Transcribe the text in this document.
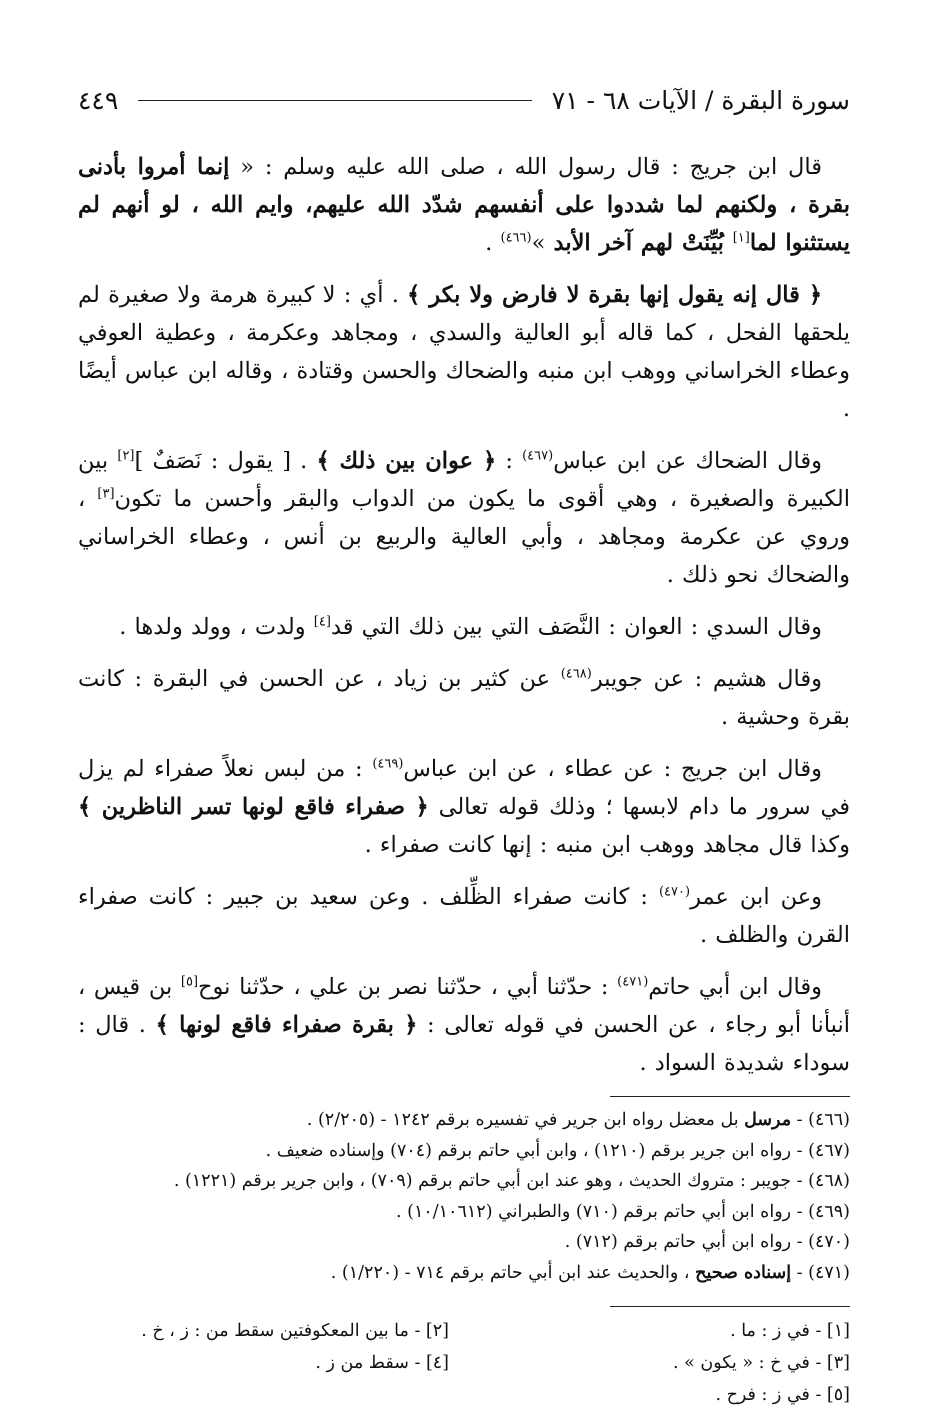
سورة البقرة / الآيات ٦٨ - ٧١
٤٤٩

قال ابن جريج : قال رسول الله ، صلى الله عليه وسلم : « إنما أمروا بأدنى بقرة ، ولكنهم لما شددوا على أنفسهم شدّد الله عليهم، وايم الله ، لو أنهم لم يستثنوا لما[١] بُيِّنَتْ لهم آخر الأبد »$^{(٤٦٦)}$ .

﴿ قال إنه يقول إنها بقرة لا فارض ولا بكر ﴾ . أي : لا كبيرة هرمة ولا صغيرة لم يلحقها الفحل ، كما قاله أبو العالية والسدي ، ومجاهد وعكرمة ، وعطية العوفي وعطاء الخراساني ووهب ابن منبه والضحاك والحسن وقتادة ، وقاله ابن عباس أيضًا .

وقال الضحاك عن ابن عباس$^{(٤٦٧)}$ : ﴿ عوان بين ذلك ﴾ . [ يقول : نَصَفٌ ][٢] بين الكبيرة والصغيرة ، وهي أقوى ما يكون من الدواب والبقر وأحسن ما تكون[٣] ، وروي عن عكرمة ومجاهد ، وأبي العالية والربيع بن أنس ، وعطاء الخراساني والضحاك نحو ذلك .

وقال السدي : العوان : النَّصَف التي بين ذلك التي قد[٤] ولدت ، وولد ولدها .

وقال هشيم : عن جويبر$^{(٤٦٨)}$ عن كثير بن زياد ، عن الحسن في البقرة : كانت بقرة وحشية .

وقال ابن جريج : عن عطاء ، عن ابن عباس$^{(٤٦٩)}$ : من لبس نعلاً صفراء لم يزل في سرور ما دام لابسها ؛ وذلك قوله تعالى ﴿ صفراء فاقع لونها تسر الناظرين ﴾ وكذا قال مجاهد ووهب ابن منبه : إنها كانت صفراء .

وعن ابن عمر$^{(٤٧٠)}$ : كانت صفراء الظِّلف . وعن سعيد بن جبير : كانت صفراء القرن والظلف .

وقال ابن أبي حاتم$^{(٤٧١)}$ : حدّثنا أبي ، حدّثنا نصر بن علي ، حدّثنا نوح[٥] بن قيس ، أنبأنا أبو رجاء ، عن الحسن في قوله تعالى : ﴿ بقرة صفراء فاقع لونها ﴾ . قال : سوداء شديدة السواد .

(٤٦٦) - مرسل بل معضل رواه ابن جرير في تفسيره برقم ١٢٤٢ - (٢/٢٠٥) .
(٤٦٧) - رواه ابن جرير برقم (١٢١٠) ، وابن أبي حاتم برقم (٧٠٤) وإسناده ضعيف .
(٤٦٨) - جويبر : متروك الحديث ، وهو عند ابن أبي حاتم برقم (٧٠٩) ، وابن جرير برقم (١٢٢١) .
(٤٦٩) - رواه ابن أبي حاتم برقم (٧١٠) والطبراني (١٠/١٠٦١٢) .
(٤٧٠) - رواه ابن أبي حاتم برقم (٧١٢) .
(٤٧١) - إسناده صحيح ، والحديث عند ابن أبي حاتم برقم ٧١٤ - (١/٢٢٠) .
[١] - في ز : ما .
[٢] - ما بين المعكوفتين سقط من : ز ، خ .
[٣] - في خ : « يكون » .
[٤] - سقط من ز .
[٥] - في ز : فرح .
